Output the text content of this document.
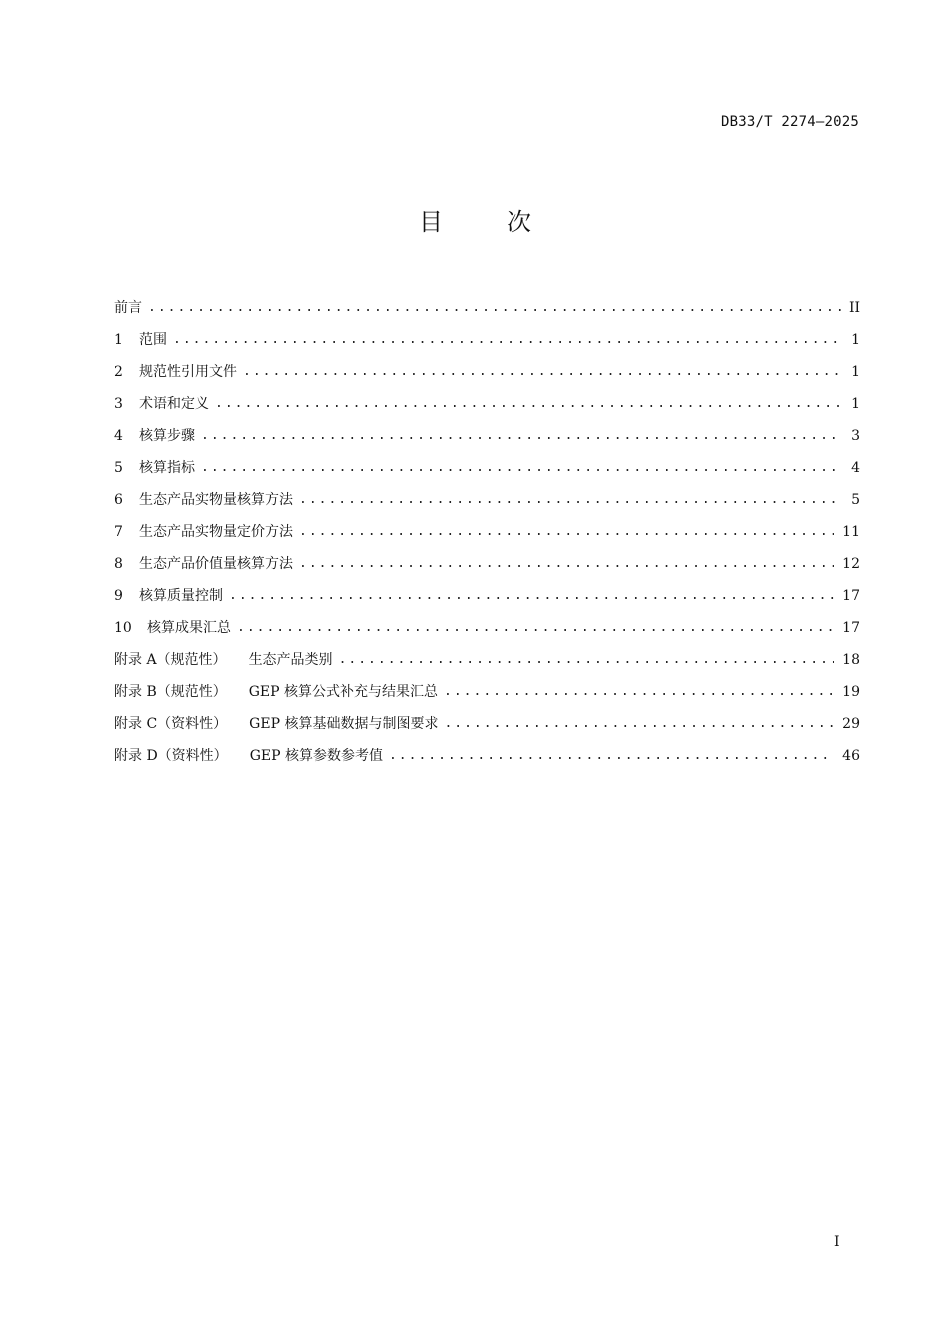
DB33/T 2274—2025
目	次
前言 .....	II
1 范围 .....	1
2 规范性引用文件 .....	1
3 术语和定义 .....	1
4 核算步骤 .....	3
5 核算指标 .....	4
6 生态产品实物量核算方法 .....	5
7 生态产品实物量定价方法 .....	11
8 生态产品价值量核算方法 .....	12
9 核算质量控制 .....	17
10 核算成果汇总 .....	17
附录 A（规范性） 生态产品类别 .....	18
附录 B（规范性） GEP 核算公式补充与结果汇总 .....	19
附录 C（资料性） GEP 核算基础数据与制图要求 .....	29
附录 D（资料性） GEP 核算参数参考值 .....	46
I
